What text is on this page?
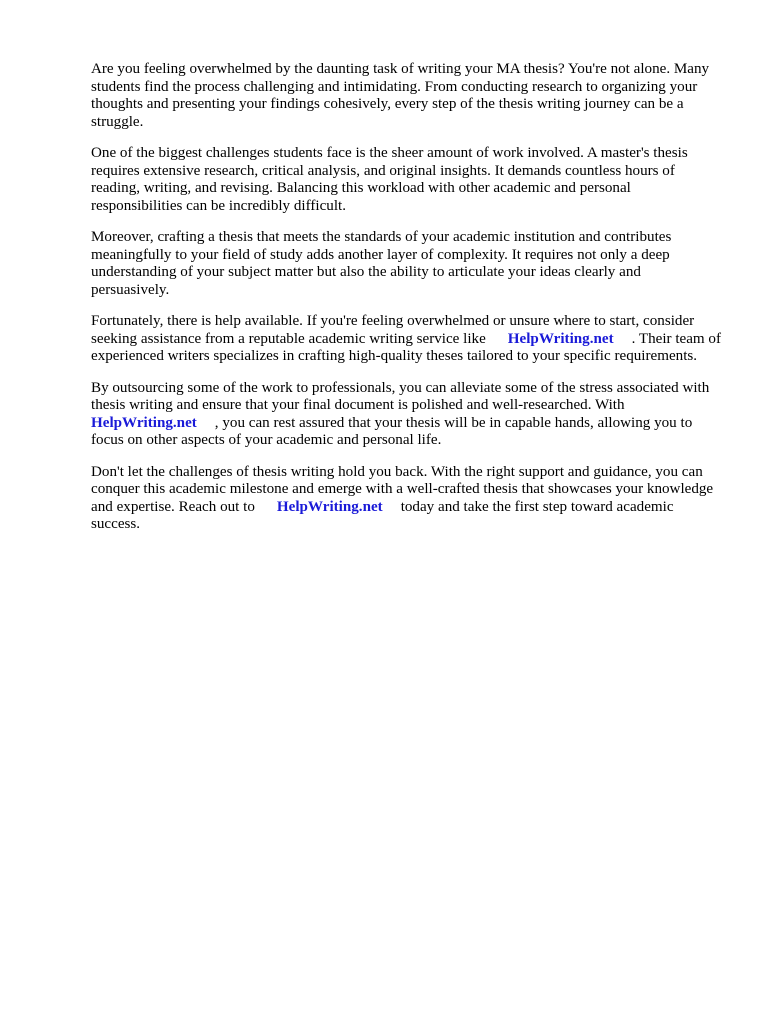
Are you feeling overwhelmed by the daunting task of writing your MA thesis? You're not alone. Many students find the process challenging and intimidating. From conducting research to organizing your thoughts and presenting your findings cohesively, every step of the thesis writing journey can be a struggle.

One of the biggest challenges students face is the sheer amount of work involved. A master's thesis requires extensive research, critical analysis, and original insights. It demands countless hours of reading, writing, and revising. Balancing this workload with other academic and personal responsibilities can be incredibly difficult.

Moreover, crafting a thesis that meets the standards of your academic institution and contributes meaningfully to your field of study adds another layer of complexity. It requires not only a deep understanding of your subject matter but also the ability to articulate your ideas clearly and persuasively.

Fortunately, there is help available. If you're feeling overwhelmed or unsure where to start, consider seeking assistance from a reputable academic writing service like HelpWriting.net . Their team of experienced writers specializes in crafting high-quality theses tailored to your specific requirements.

By outsourcing some of the work to professionals, you can alleviate some of the stress associated with thesis writing and ensure that your final document is polished and well-researched. With HelpWriting.net , you can rest assured that your thesis will be in capable hands, allowing you to focus on other aspects of your academic and personal life.

Don't let the challenges of thesis writing hold you back. With the right support and guidance, you can conquer this academic milestone and emerge with a well-crafted thesis that showcases your knowledge and expertise. Reach out to HelpWriting.net today and take the first step toward academic success.
